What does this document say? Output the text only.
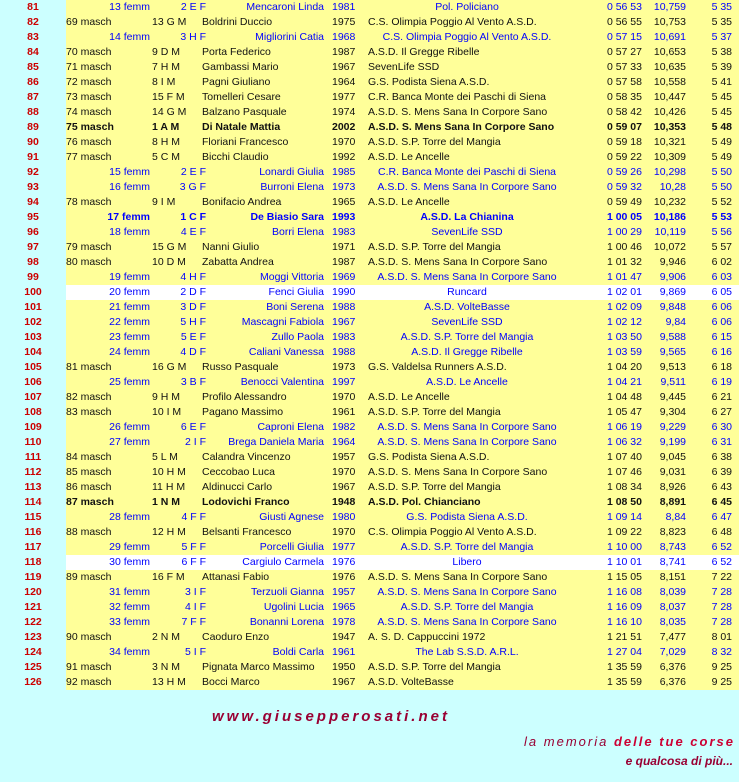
81	13 femm	2 E F	Mencaroni Linda 1981	Pol. Policiano	0 56 53	10,759	5 35
82	69 masch	13 G M	Boldrini Duccio	1975	C.S. Olimpia Poggio Al Vento A.S.D.	0 56 55	10,753	5 35
83	14 femm	3 H F	Migliorini Catia 1968	C.S. Olimpia Poggio Al Vento A.S.D.	0 57 15	10,691	5 37
84	70 masch	9 D M	Porta Federico	1987	A.S.D. Il Gregge Ribelle	0 57 27	10,653	5 38
85	71 masch	7 H M	Gambassi Mario	1967	SevenLife SSD	0 57 33	10,635	5 39
86	72 masch	8 I M	Pagni Giuliano	1964	G.S. Podista Siena A.S.D.	0 57 58	10,558	5 41
87	73 masch	15 F M	Tomelleri Cesare	1977	C.R. Banca Monte dei Paschi di Siena	0 58 35	10,447	5 45
88	74 masch	14 G M	Balzano Pasquale	1974	A.S.D. S. Mens Sana In Corpore Sano	0 58 42	10,426	5 45
89	75 masch	1 A M	Di Natale Mattia	2002	A.S.D. S. Mens Sana In Corpore Sano	0 59 07	10,353	5 48
90	76 masch	8 H M	Floriani Francesco	1970	A.S.D. S.P. Torre del Mangia	0 59 18	10,321	5 49
91	77 masch	5 C M	Bicchi Claudio	1992	A.S.D. Le Ancelle	0 59 22	10,309	5 49
92	15 femm	2 E F	Lonardi Giulia 1985	C.R. Banca Monte dei Paschi di Siena	0 59 26	10,298	5 50
93	16 femm	3 G F	Burroni Elena 1973	A.S.D. S. Mens Sana In Corpore Sano	0 59 32	10,28	5 50
94	78 masch	9 I M	Bonifacio Andrea	1965	A.S.D. Le Ancelle	0 59 49	10,232	5 52
95	17 femm	1 C F	De Biasio Sara 1993	A.S.D. La Chianina	1 00 05	10,186	5 53
96	18 femm	4 E F	Borri Elena 1983	SevenLife SSD	1 00 29	10,119	5 56
97	79 masch	15 G M	Nanni Giulio	1971	A.S.D. S.P. Torre del Mangia	1 00 46	10,072	5 57
98	80 masch	10 D M	Zabatta Andrea	1987	A.S.D. S. Mens Sana In Corpore Sano	1 01 32	9,946	6 02
99	19 femm	4 H F	Moggi Vittoria 1969	A.S.D. S. Mens Sana In Corpore Sano	1 01 47	9,906	6 03
100	20 femm	2 D F	Fenci Giulia 1990	Runcard	1 02 01	9,869	6 05
101	21 femm	3 D F	Boni Serena 1988	A.S.D. VolteBasse	1 02 09	9,848	6 06
102	22 femm	5 H F	Mascagni Fabiola 1967	SevenLife SSD	1 02 12	9,84	6 06
103	23 femm	5 E F	Zullo Paola 1983	A.S.D. S.P. Torre del Mangia	1 03 50	9,588	6 15
104	24 femm	4 D F	Caliani Vanessa 1988	A.S.D. Il Gregge Ribelle	1 03 59	9,565	6 16
105	81 masch	16 G M	Russo Pasquale	1973	G.S. Valdelsa Runners A.S.D.	1 04 20	9,513	6 18
106	25 femm	3 B F	Benocci Valentina 1997	A.S.D. Le Ancelle	1 04 21	9,511	6 19
107	82 masch	9 H M	Profilo Alessandro	1970	A.S.D. Le Ancelle	1 04 48	9,445	6 21
108	83 masch	10 I M	Pagano Massimo	1961	A.S.D. S.P. Torre del Mangia	1 05 47	9,304	6 27
109	26 femm	6 E F	Caproni Elena 1982	A.S.D. S. Mens Sana In Corpore Sano	1 06 19	9,229	6 30
110	27 femm	2 I F	Brega Daniela Maria 1964	A.S.D. S. Mens Sana In Corpore Sano	1 06 32	9,199	6 31
111	84 masch	5 L M	Calandra Vincenzo	1957	G.S. Podista Siena A.S.D.	1 07 40	9,045	6 38
112	85 masch	10 H M	Ceccobao Luca	1970	A.S.D. S. Mens Sana In Corpore Sano	1 07 46	9,031	6 39
113	86 masch	11 H M	Aldinucci Carlo	1967	A.S.D. S.P. Torre del Mangia	1 08 34	8,926	6 43
114	87 masch	1 N M	Lodovichi Franco	1948	A.S.D. Pol. Chianciano	1 08 50	8,891	6 45
115	28 femm	4 F F	Giusti Agnese 1980	G.S. Podista Siena A.S.D.	1 09 14	8,84	6 47
116	88 masch	12 H M	Belsanti Francesco	1970	C.S. Olimpia Poggio Al Vento A.S.D.	1 09 22	8,823	6 48
117	29 femm	5 F F	Porcelli Giulia 1977	A.S.D. S.P. Torre del Mangia	1 10 00	8,743	6 52
118	30 femm	6 F F	Cargiulo Carmela 1976	Libero	1 10 01	8,741	6 52
119	89 masch	16 F M	Attanasi Fabio	1976	A.S.D. S. Mens Sana In Corpore Sano	1 15 05	8,151	7 22
120	31 femm	3 I F	Terzuoli Gianna 1957	A.S.D. S. Mens Sana In Corpore Sano	1 16 08	8,039	7 28
121	32 femm	4 I F	Ugolini Lucia 1965	A.S.D. S.P. Torre del Mangia	1 16 09	8,037	7 28
122	33 femm	7 F F	Bonanni Lorena 1978	A.S.D. S. Mens Sana In Corpore Sano	1 16 10	8,035	7 28
123	90 masch	2 N M	Caoduro Enzo	1947	A. S. D. Cappuccini 1972	1 21 51	7,477	8 01
124	34 femm	5 I F	Boldi Carla 1961	The Lab S.S.D. A.R.L.	1 27 04	7,029	8 32
125	91 masch	3 N M	Pignata Marco Massimo	1950	A.S.D. S.P. Torre del Mangia	1 35 59	6,376	9 25
126	92 masch	13 H M	Bocci Marco	1967	A.S.D. VolteBasse	1 35 59	6,376	9 25
www.giusepperosati.net
la memoria delle tue corse
e qualcosa di più...
